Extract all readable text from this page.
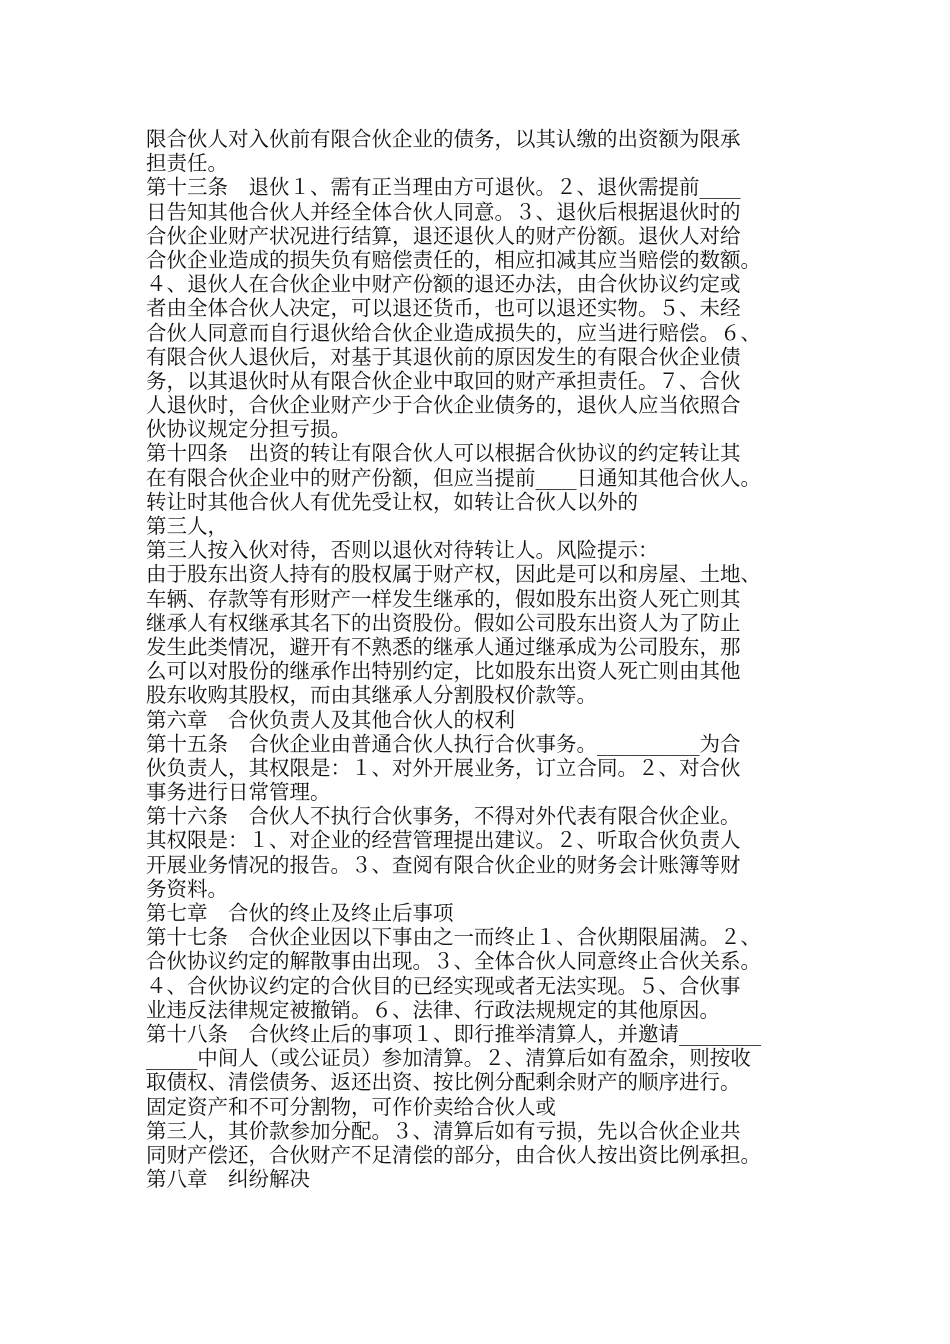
限合伙人对入伙前有限合伙企业的债务，以其认缴的出资额为限承
担责任。
第十三条　退伙１、需有正当理由方可退伙。２、退伙需提前____
日告知其他合伙人并经全体合伙人同意。３、退伙后根据退伙时的
合伙企业财产状况进行结算，退还退伙人的财产份额。退伙人对给
合伙企业造成的损失负有赔偿责任的，相应扣减其应当赔偿的数额。
４、退伙人在合伙企业中财产份额的退还办法，由合伙协议约定或
者由全体合伙人决定，可以退还货币，也可以退还实物。５、未经
合伙人同意而自行退伙给合伙企业造成损失的，应当进行赔偿。６、
有限合伙人退伙后，对基于其退伙前的原因发生的有限合伙企业债
务，以其退伙时从有限合伙企业中取回的财产承担责任。７、合伙
人退伙时，合伙企业财产少于合伙企业债务的，退伙人应当依照合
伙协议规定分担亏损。
第十四条　出资的转让有限合伙人可以根据合伙协议的约定转让其
在有限合伙企业中的财产份额，但应当提前____日通知其他合伙人。
转让时其他合伙人有优先受让权，如转让合伙人以外的
第三人，
第三人按入伙对待，否则以退伙对待转让人。风险提示：
由于股东出资人持有的股权属于财产权，因此是可以和房屋、土地、
车辆、存款等有形财产一样发生继承的，假如股东出资人死亡则其
继承人有权继承其名下的出资股份。假如公司股东出资人为了防止
发生此类情况，避开有不熟悉的继承人通过继承成为公司股东，那
么可以对股份的继承作出特别约定，比如股东出资人死亡则由其他
股东收购其股权，而由其继承人分割股权价款等。
第六章　合伙负责人及其他合伙人的权利
第十五条　合伙企业由普通合伙人执行合伙事务。__________为合
伙负责人，其权限是：１、对外开展业务，订立合同。２、对合伙
事务进行日常管理。
第十六条　合伙人不执行合伙事务，不得对外代表有限合伙企业。
其权限是：１、对企业的经营管理提出建议。２、听取合伙负责人
开展业务情况的报告。３、查阅有限合伙企业的财务会计账簿等财
务资料。
第七章　合伙的终止及终止后事项
第十七条　合伙企业因以下事由之一而终止１、合伙期限届满。２、
合伙协议约定的解散事由出现。３、全体合伙人同意终止合伙关系。
４、合伙协议约定的合伙目的已经实现或者无法实现。５、合伙事
业违反法律规定被撤销。６、法律、行政法规规定的其他原因。
第十八条　合伙终止后的事项１、即行推举清算人，并邀请________
_____中间人（或公证员）参加清算。２、清算后如有盈余，则按收
取债权、清偿债务、返还出资、按比例分配剩余财产的顺序进行。
固定资产和不可分割物，可作价卖给合伙人或
第三人，其价款参加分配。３、清算后如有亏损，先以合伙企业共
同财产偿还，合伙财产不足清偿的部分，由合伙人按出资比例承担。
第八章　纠纷解决
